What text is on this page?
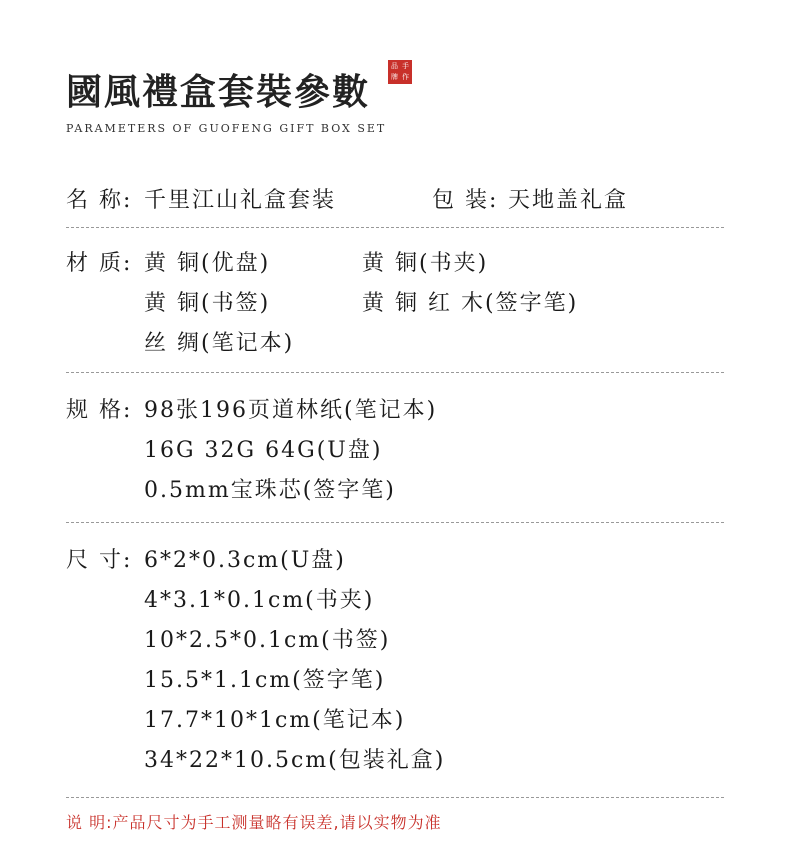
國風禮盒套裝參數
品 手
牌 作
PARAMETERS OF GUOFENG GIFT BOX SET
名 称: 千里江山礼盒套装	包 装: 天地盖礼盒
材 质: 黄 铜(优盘)	黄 铜(书夹)
黄 铜(书签)	黄 铜 红 木(签字笔)
丝 绸(笔记本)
规 格: 98张196页道林纸(笔记本)
16G 32G 64G(U盘)
0.5mm宝珠芯(签字笔)
尺 寸: 6*2*0.3cm(U盘)
4*3.1*0.1cm(书夹)
10*2.5*0.1cm(书签)
15.5*1.1cm(签字笔)
17.7*10*1cm(笔记本)
34*22*10.5cm(包装礼盒)
说 明:产品尺寸为手工测量略有误差,请以实物为准
